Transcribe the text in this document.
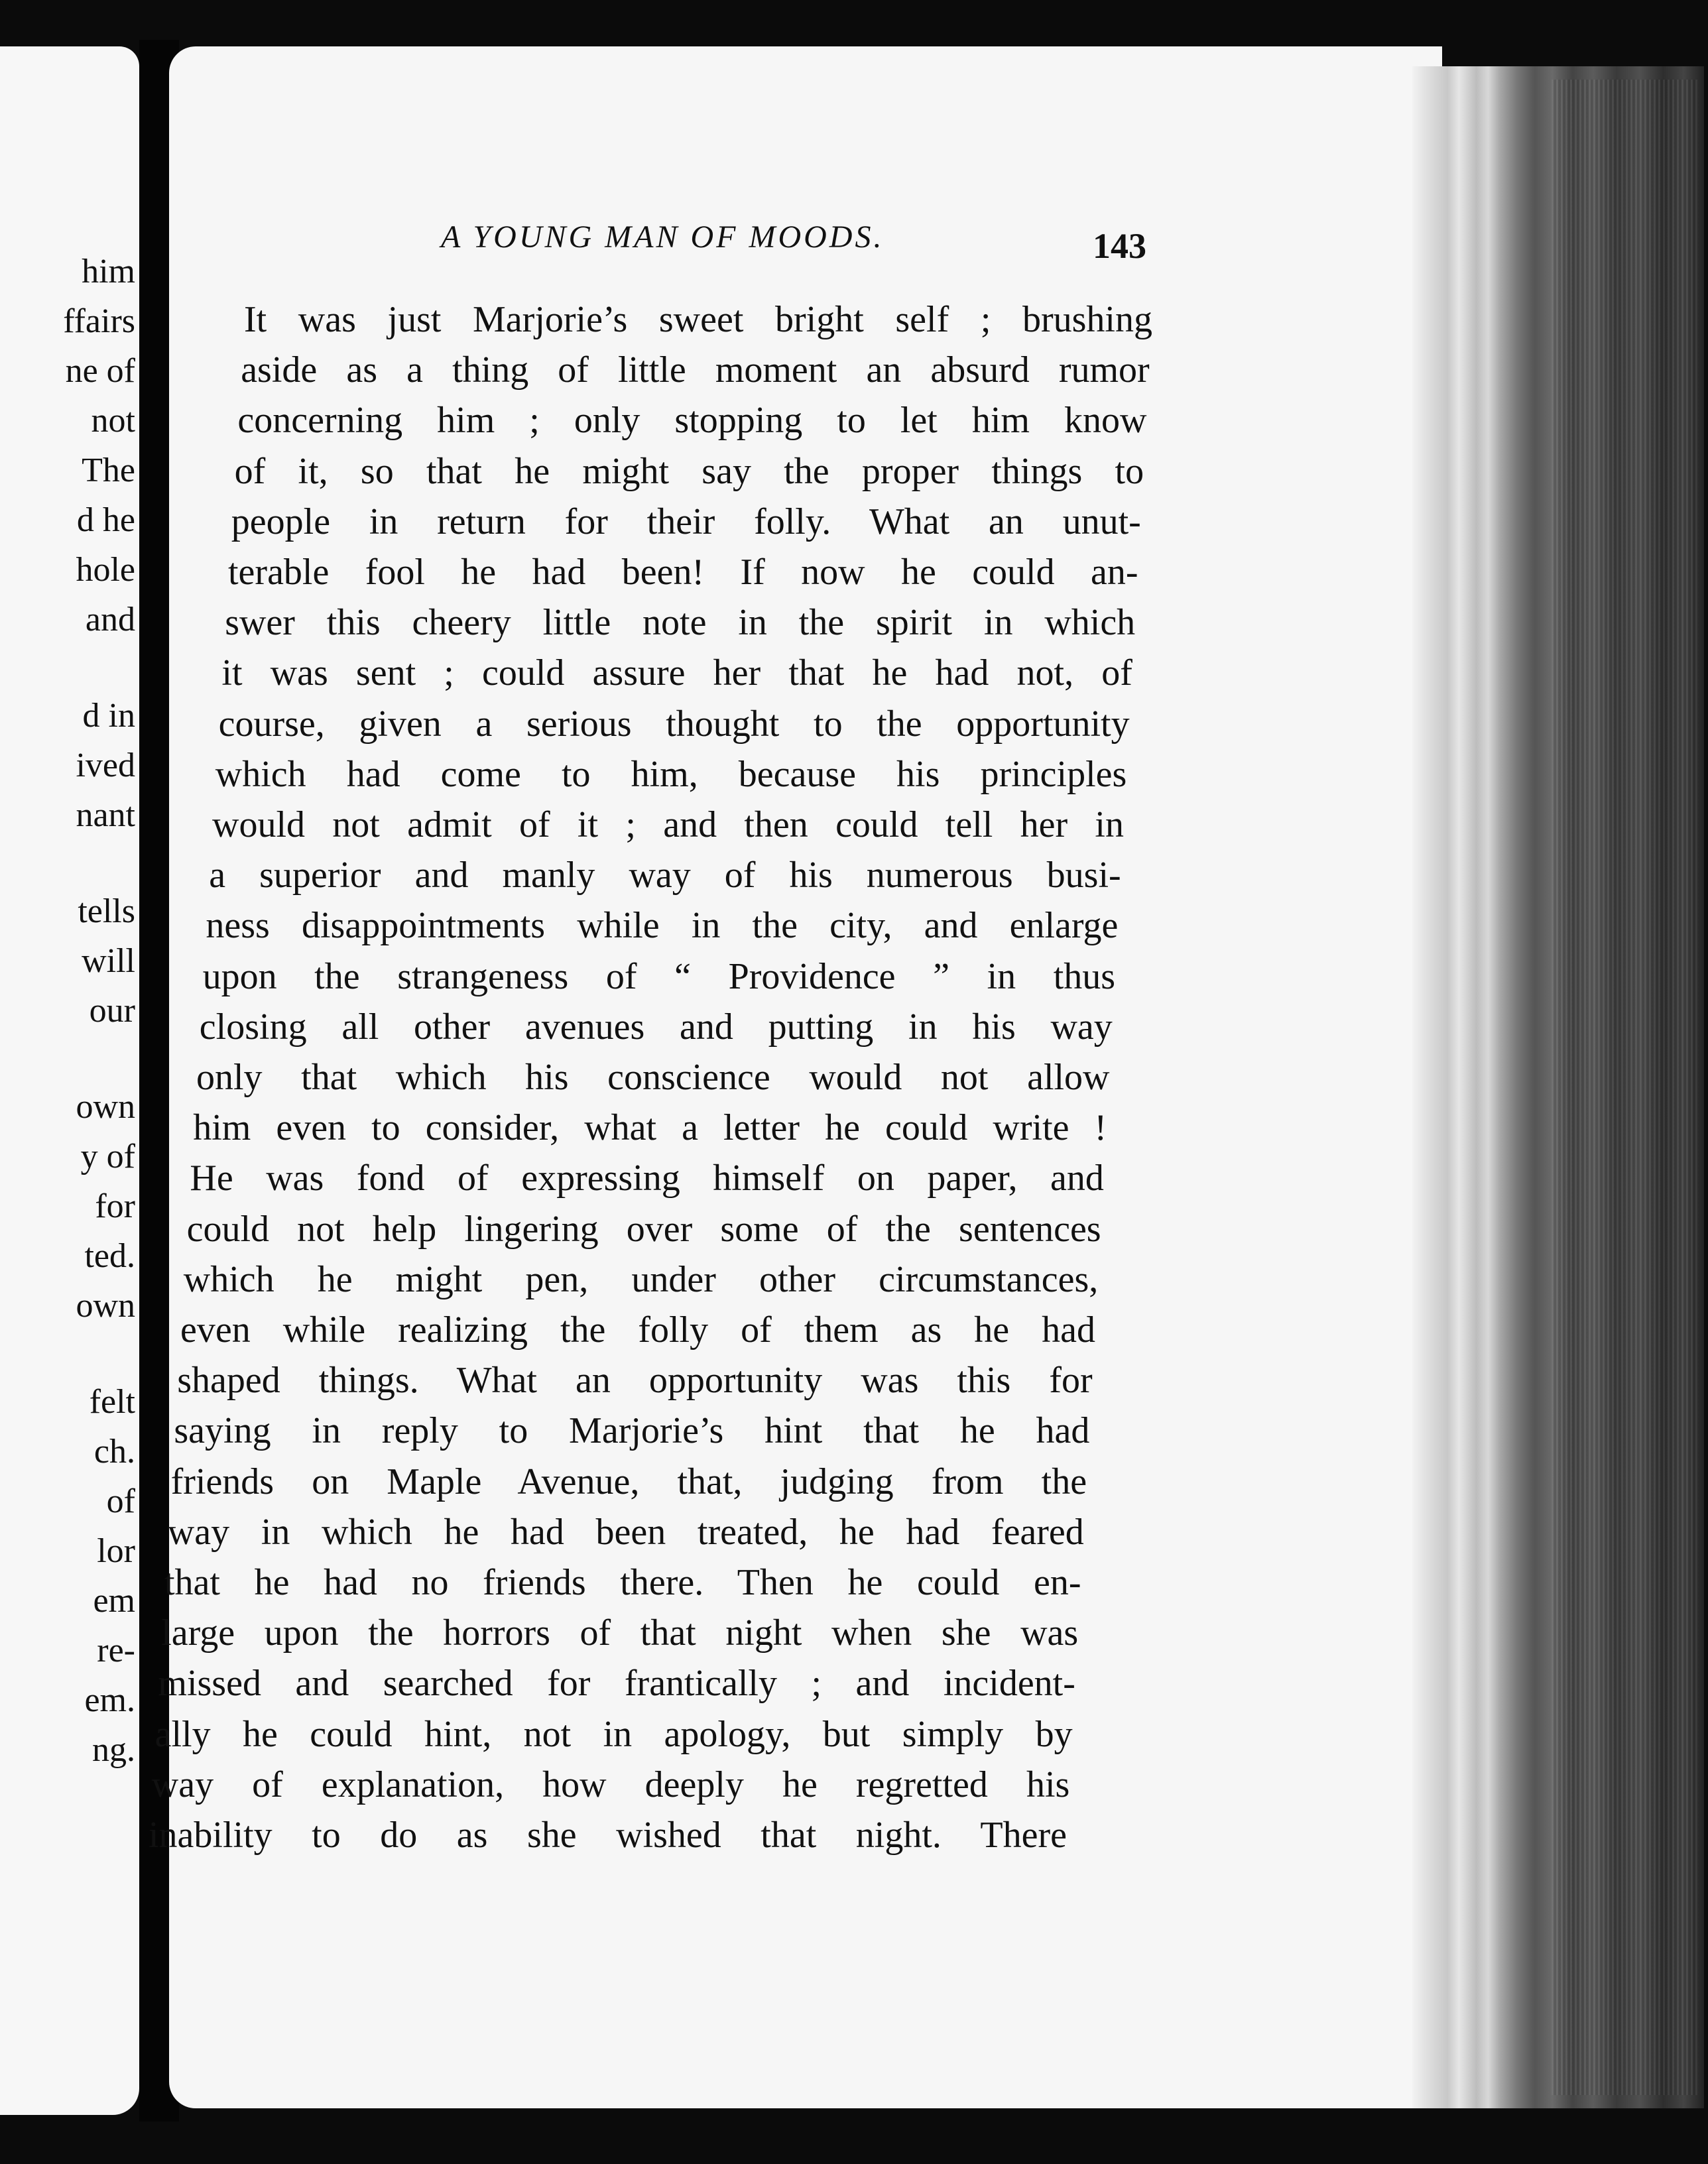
him
ffairs
ne of
not
The
d he
hole
and
d in
ived
nant
tells
will
our
own
y of
for
ted.
own
felt
ch.
of
lor
em
re-
em.
ng.
A YOUNG MAN OF MOODS.	143
It was just Marjorie’s sweet bright self ; brushing
aside as a thing of little moment an absurd rumor
concerning him ; only stopping to let him know
of it, so that he might say the proper things to
people in return for their folly. What an unut-
terable fool he had been! If now he could an-
swer this cheery little note in the spirit in which
it was sent ; could assure her that he had not, of
course, given a serious thought to the opportunity
which had come to him, because his principles
would not admit of it ; and then could tell her in
a superior and manly way of his numerous busi-
ness disappointments while in the city, and enlarge
upon the strangeness of “ Providence ” in thus
closing all other avenues and putting in his way
only that which his conscience would not allow
him even to consider, what a letter he could write !
He was fond of expressing himself on paper, and
could not help lingering over some of the sentences
which he might pen, under other circumstances,
even while realizing the folly of them as he had
shaped things. What an opportunity was this for
saying in reply to Marjorie’s hint that he had
friends on Maple Avenue, that, judging from the
way in which he had been treated, he had feared
that he had no friends there. Then he could en-
large upon the horrors of that night when she was
missed and searched for frantically ; and incident-
ally he could hint, not in apology, but simply by
way of explanation, how deeply he regretted his
inability to do as she wished that night. There
